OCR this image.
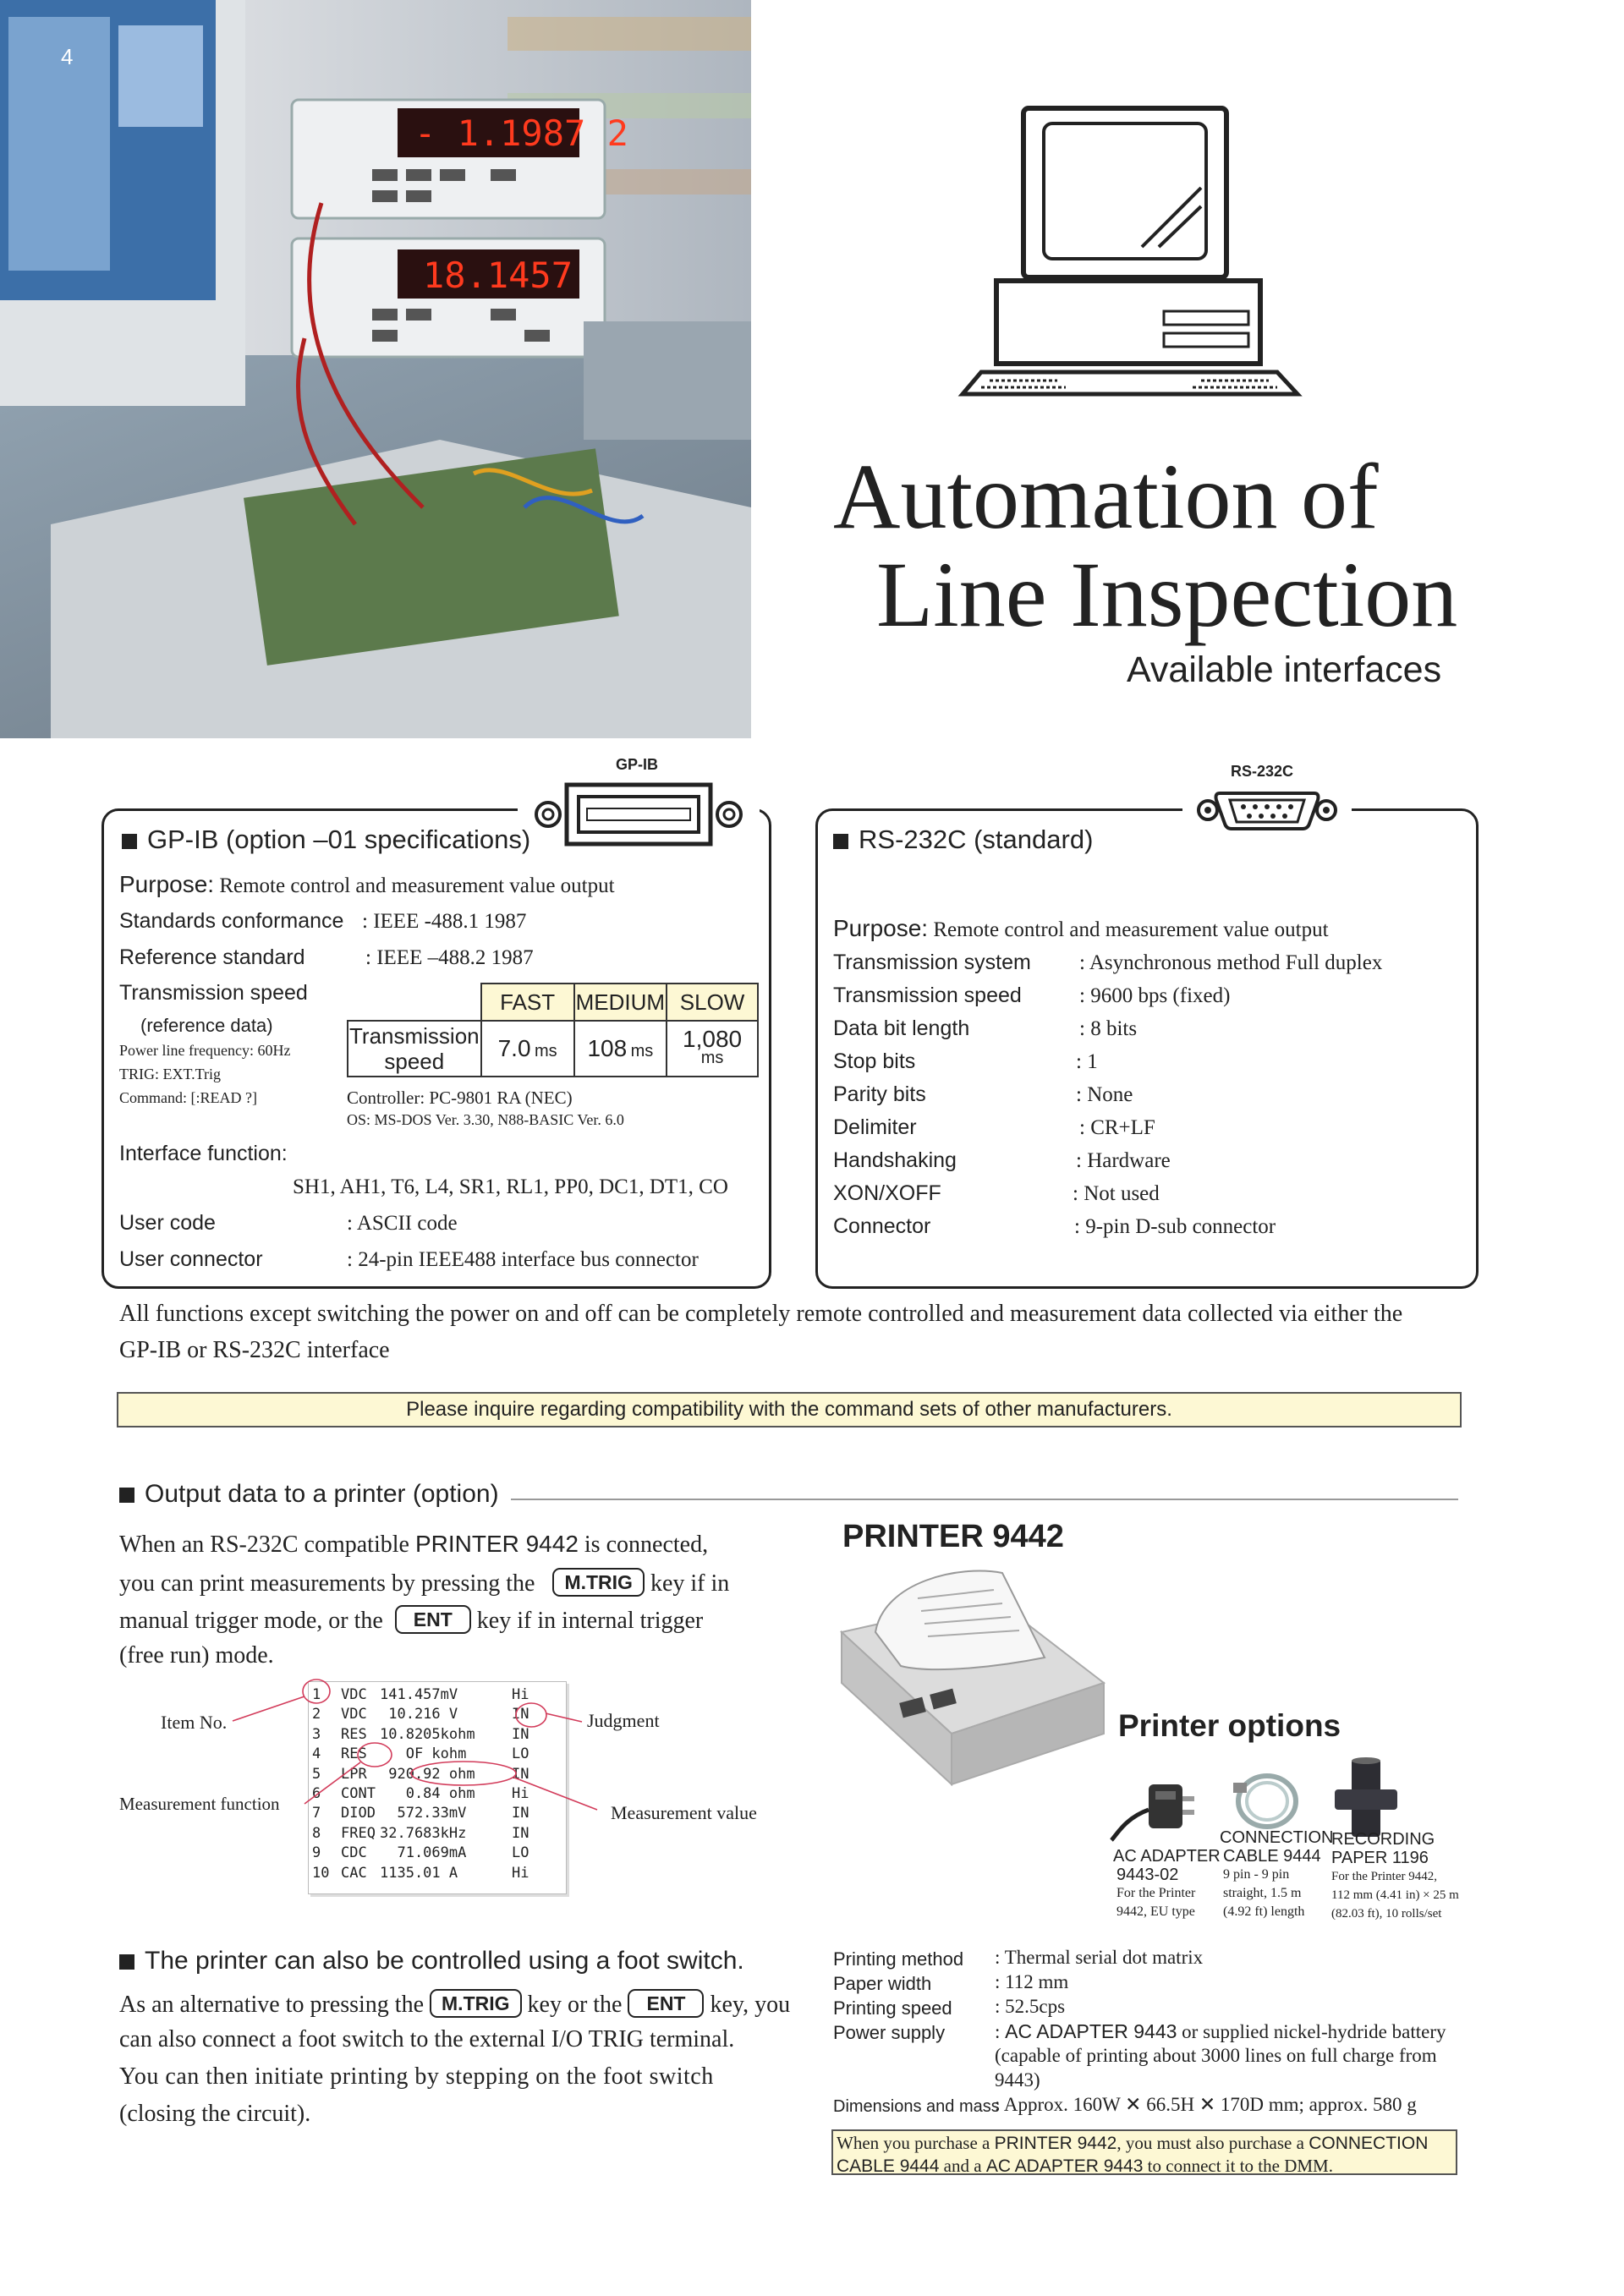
- 1.1987 2
18.1457
4
Automation of
Line Inspection
Available interfaces
GP-IB
GP-IB (option –01 specifications)
Purpose: Remote control and measurement value output
Standards conformance : IEEE -488.1 1987
Reference standard	: IEEE –488.2 1987
Transmission speed
(reference data)
Power line frequency: 60Hz
TRIG: EXT.Trig
Command: [:READ ?]
	FAST	MEDIUM	SLOW
Transmission speed	7.0 ms	108 ms	1,080
ms
Controller: PC-9801 RA (NEC)
OS: MS-DOS Ver. 3.30, N88-BASIC Ver. 6.0
Interface function:
SH1, AH1, T6, L4, SR1, RL1, PP0, DC1, DT1, CO
User code	: ASCII code
User connector	: 24-pin IEEE488 interface bus connector
RS-232C
RS-232C (standard)
Purpose: Remote control and measurement value output
Transmission system : Asynchronous method Full duplex
Transmission speed	: 9600 bps (fixed)
Data bit length	: 8 bits
Stop bits	: 1
Parity bits	: None
Delimiter	: CR+LF
Handshaking	: Hardware
XON/XOFF	: Not used
Connector	: 9-pin D-sub connector
All functions except switching the power on and off can be completely remote controlled and measurement data collected via either the
GP-IB or RS-232C interface
Please inquire regarding compatibility with the command sets of other manufacturers.
Output data to a printer (option)
When an RS-232C compatible PRINTER 9442 is connected,
you can print measurements by pressing the M.TRIG key if in
manual trigger mode, or the ENT key if in internal trigger
(free run) mode.
1 VDC 141.457mV	Hi
2 VDC 10.216 V	IN
3 RES 10.8205kohm	IN
4 RES   OF kohm	LO
5 LPR 920.92 ohm	IN
6 CONT   0.84 ohm	Hi
7 DIOD  572.33mV	IN
8 FREQ 32.7683kHz	IN
9 CDC  71.069mA	LO
10 CAC 1135.01 A	Hi
Item No.	Judgment
Measurement function	Measurement value
The printer can also be controlled using a foot switch.
As an alternative to pressing the M.TRIG key or the ENT key, you
can also connect a foot switch to the external I/O TRIG terminal.
You can then initiate printing by stepping on the foot switch
(closing the circuit).
PRINTER 9442
Printer options
AC ADAPTER
9443-02
For the Printer
9442, EU type
CONNECTION
CABLE 9444
9 pin - 9 pin
straight, 1.5 m
(4.92 ft) length
RECORDING
PAPER 1196
For the Printer 9442,
112 mm (4.41 in) × 25 m
(82.03 ft), 10 rolls/set
Printing method : Thermal serial dot matrix
Paper width	: 112 mm
Printing speed : 52.5cps
Power supply	: AC ADAPTER 9443 or supplied nickel-hydride battery
(capable of printing about 3000 lines on full charge from
9443)
Dimensions and mass
: Approx. 160W ✕ 66.5H ✕ 170D mm; approx. 580 g
When you purchase a PRINTER 9442, you must also purchase a CONNECTION
CABLE 9444 and a AC ADAPTER 9443 to connect it to the DMM.
